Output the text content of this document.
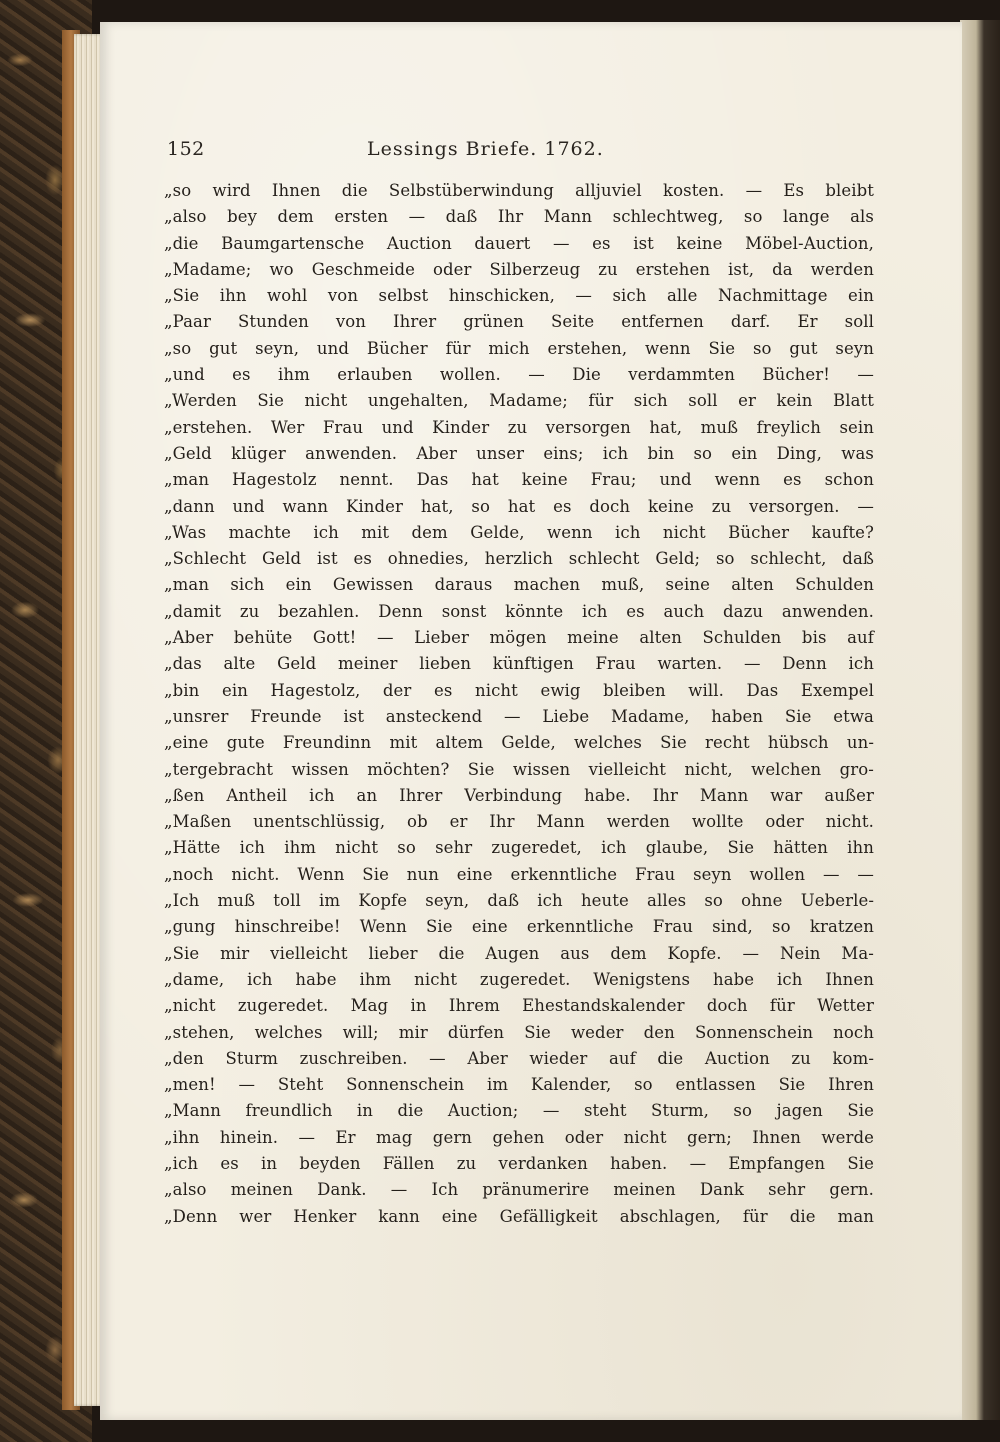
152	Lessings Briefe. 1762.
„so wird Ihnen die Selbstüberwindung alljuviel kosten. — Es bleibt
„also bey dem ersten — daß Ihr Mann schlechtweg, so lange als
„die Baumgartensche Auction dauert — es ist keine Möbel-Auction,
„Madame; wo Geschmeide oder Silberzeug zu erstehen ist, da werden
„Sie ihn wohl von selbst hinschicken, — sich alle Nachmittage ein
„Paar Stunden von Ihrer grünen Seite entfernen darf. Er soll
„so gut seyn, und Bücher für mich erstehen, wenn Sie so gut seyn
„und es ihm erlauben wollen. — Die verdammten Bücher! —
„Werden Sie nicht ungehalten, Madame; für sich soll er kein Blatt
„erstehen. Wer Frau und Kinder zu versorgen hat, muß freylich sein
„Geld klüger anwenden. Aber unser eins; ich bin so ein Ding, was
„man Hagestolz nennt. Das hat keine Frau; und wenn es schon
„dann und wann Kinder hat, so hat es doch keine zu versorgen. —
„Was machte ich mit dem Gelde, wenn ich nicht Bücher kaufte?
„Schlecht Geld ist es ohnedies, herzlich schlecht Geld; so schlecht, daß
„man sich ein Gewissen daraus machen muß, seine alten Schulden
„damit zu bezahlen. Denn sonst könnte ich es auch dazu anwenden.
„Aber behüte Gott! — Lieber mögen meine alten Schulden bis auf
„das alte Geld meiner lieben künftigen Frau warten. — Denn ich
„bin ein Hagestolz, der es nicht ewig bleiben will. Das Exempel
„unsrer Freunde ist ansteckend — Liebe Madame, haben Sie etwa
„eine gute Freundinn mit altem Gelde, welches Sie recht hübsch un-
„tergebracht wissen möchten? Sie wissen vielleicht nicht, welchen gro-
„ßen Antheil ich an Ihrer Verbindung habe. Ihr Mann war außer
„Maßen unentschlüssig, ob er Ihr Mann werden wollte oder nicht.
„Hätte ich ihm nicht so sehr zugeredet, ich glaube, Sie hätten ihn
„noch nicht. Wenn Sie nun eine erkenntliche Frau seyn wollen — —
„Ich muß toll im Kopfe seyn, daß ich heute alles so ohne Ueberle-
„gung hinschreibe! Wenn Sie eine erkenntliche Frau sind, so kratzen
„Sie mir vielleicht lieber die Augen aus dem Kopfe. — Nein Ma-
„dame, ich habe ihm nicht zugeredet. Wenigstens habe ich Ihnen
„nicht zugeredet. Mag in Ihrem Ehestandskalender doch für Wetter
„stehen, welches will; mir dürfen Sie weder den Sonnenschein noch
„den Sturm zuschreiben. — Aber wieder auf die Auction zu kom-
„men! — Steht Sonnenschein im Kalender, so entlassen Sie Ihren
„Mann freundlich in die Auction; — steht Sturm, so jagen Sie
„ihn hinein. — Er mag gern gehen oder nicht gern; Ihnen werde
„ich es in beyden Fällen zu verdanken haben. — Empfangen Sie
„also meinen Dank. — Ich pränumerire meinen Dank sehr gern.
„Denn wer Henker kann eine Gefälligkeit abschlagen, für die man
